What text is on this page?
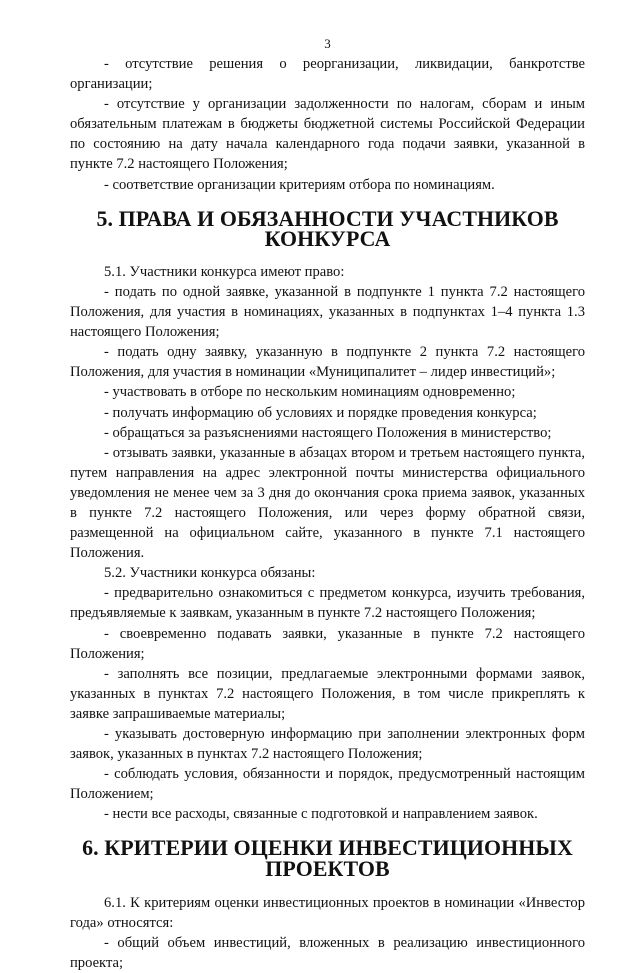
3

- отсутствие решения о реорганизации, ликвидации, банкротстве организации;

- отсутствие у организации задолженности по налогам, сборам и иным обязательным платежам в бюджеты бюджетной системы Российской Федерации по состоянию на дату начала календарного года подачи заявки, указанной в пункте 7.2 настоящего Положения;

- соответствие организации критериям отбора по номинациям.

5. ПРАВА И ОБЯЗАННОСТИ УЧАСТНИКОВ КОНКУРСА

5.1. Участники конкурса имеют право:

- подать по одной заявке, указанной в подпункте 1 пункта 7.2 настоящего Положения, для участия в номинациях, указанных в подпунктах 1–4 пункта 1.3 настоящего Положения;

- подать одну заявку, указанную в подпункте 2 пункта 7.2 настоящего Положения, для участия в номинации «Муниципалитет – лидер инвестиций»;

- участвовать в отборе по нескольким номинациям одновременно;

- получать информацию об условиях и порядке проведения конкурса;

- обращаться за разъяснениями настоящего Положения в министерство;

- отзывать заявки, указанные в абзацах втором и третьем настоящего пункта, путем направления на адрес электронной почты министерства официального уведомления не менее чем за 3 дня до окончания срока приема заявок, указанных в пункте 7.2 настоящего Положения, или через форму обратной связи, размещенной на официальном сайте, указанного в пункте 7.1 настоящего Положения.

5.2. Участники конкурса обязаны:

- предварительно ознакомиться с предметом конкурса, изучить требования, предъявляемые к заявкам, указанным в пункте 7.2 настоящего Положения;

- своевременно подавать заявки, указанные в пункте 7.2 настоящего Положения;

- заполнять все позиции, предлагаемые электронными формами заявок, указанных в пунктах 7.2 настоящего Положения, в том числе прикреплять к заявке запрашиваемые материалы;

- указывать достоверную информацию при заполнении электронных форм заявок, указанных в пунктах 7.2 настоящего Положения;

- соблюдать условия, обязанности и порядок, предусмотренный настоящим Положением;

- нести все расходы, связанные с подготовкой и направлением заявок.

6. КРИТЕРИИ ОЦЕНКИ ИНВЕСТИЦИОННЫХ ПРОЕКТОВ

6.1. К критериям оценки инвестиционных проектов в номинации «Инвестор года» относятся:

- общий объем инвестиций, вложенных в реализацию инвестиционного проекта;
